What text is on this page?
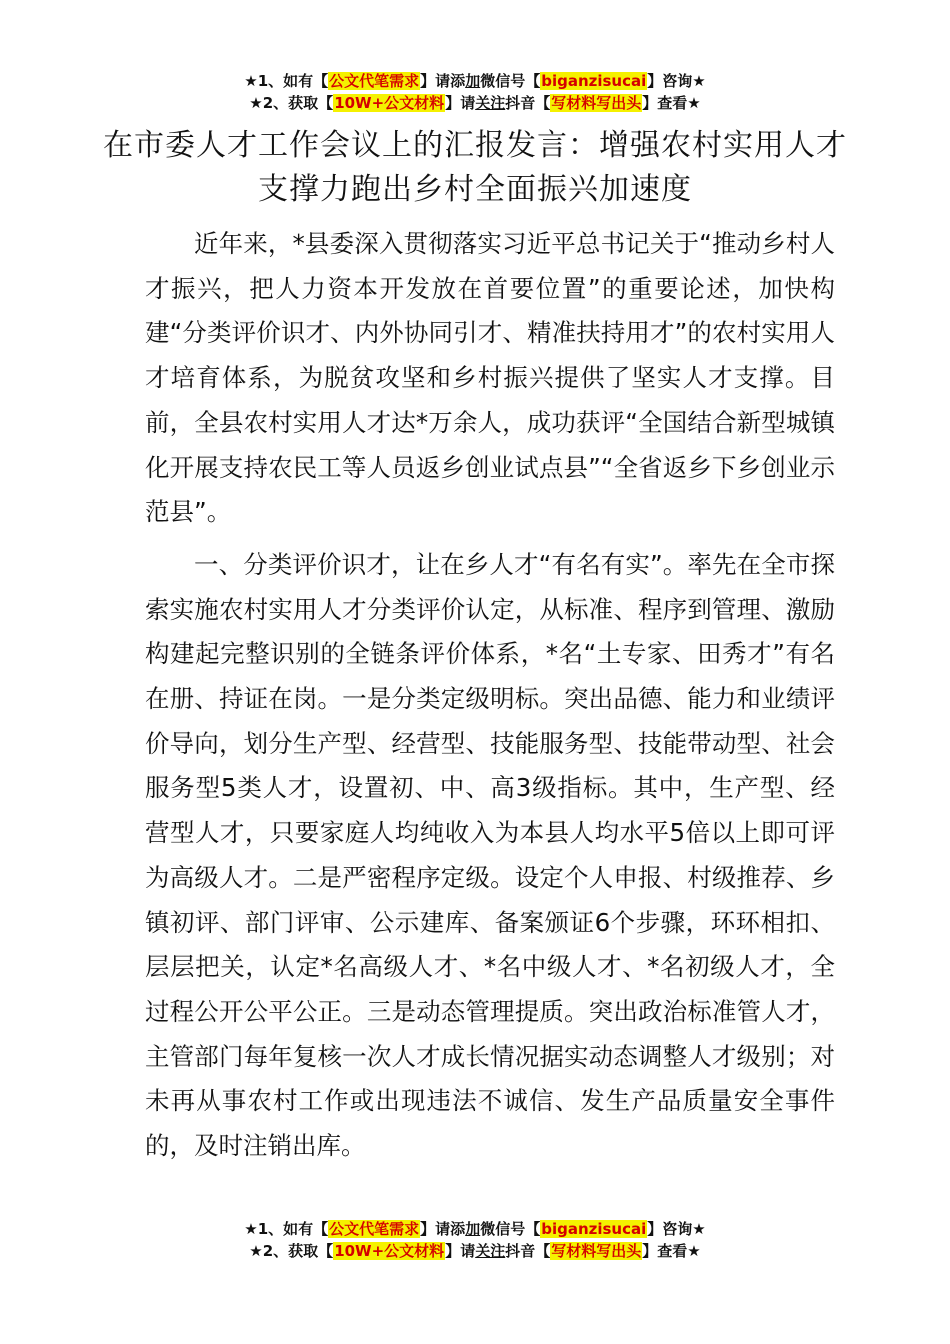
★1、如有【公文代笔需求】请添加微信号【biganzisucai】咨询★
★2、获取【10W+公文材料】请关注抖音【写材料写出头】查看★
在市委人才工作会议上的汇报发言：增强农村实用人才支撑力跑出乡村全面振兴加速度

近年来，*县委深入贯彻落实习近平总书记关于“推动乡村人才振兴，把人力资本开发放在首要位置”的重要论述，加快构建“分类评价识才、内外协同引才、精准扶持用才”的农村实用人才培育体系，为脱贫攻坚和乡村振兴提供了坚实人才支撑。目前，全县农村实用人才达*万余人，成功获评“全国结合新型城镇化开展支持农民工等人员返乡创业试点县”“全省返乡下乡创业示范县”。

一、分类评价识才，让在乡人才“有名有实”。率先在全市探索实施农村实用人才分类评价认定，从标准、程序到管理、激励构建起完整识别的全链条评价体系，*名“土专家、田秀才”有名在册、持证在岗。一是分类定级明标。突出品德、能力和业绩评价导向，划分生产型、经营型、技能服务型、技能带动型、社会服务型5类人才，设置初、中、高3级指标。其中，生产型、经营型人才，只要家庭人均纯收入为本县人均水平5倍以上即可评为高级人才。二是严密程序定级。设定个人申报、村级推荐、乡镇初评、部门评审、公示建库、备案颁证6个步骤，环环相扣、层层把关，认定*名高级人才、*名中级人才、*名初级人才，全过程公开公平公正。三是动态管理提质。突出政治标准管人才，主管部门每年复核一次人才成长情况据实动态调整人才级别；对未再从事农村工作或出现违法不诚信、发生产品质量安全事件的，及时注销出库。

★1、如有【公文代笔需求】请添加微信号【biganzisucai】咨询★
★2、获取【10W+公文材料】请关注抖音【写材料写出头】查看★
